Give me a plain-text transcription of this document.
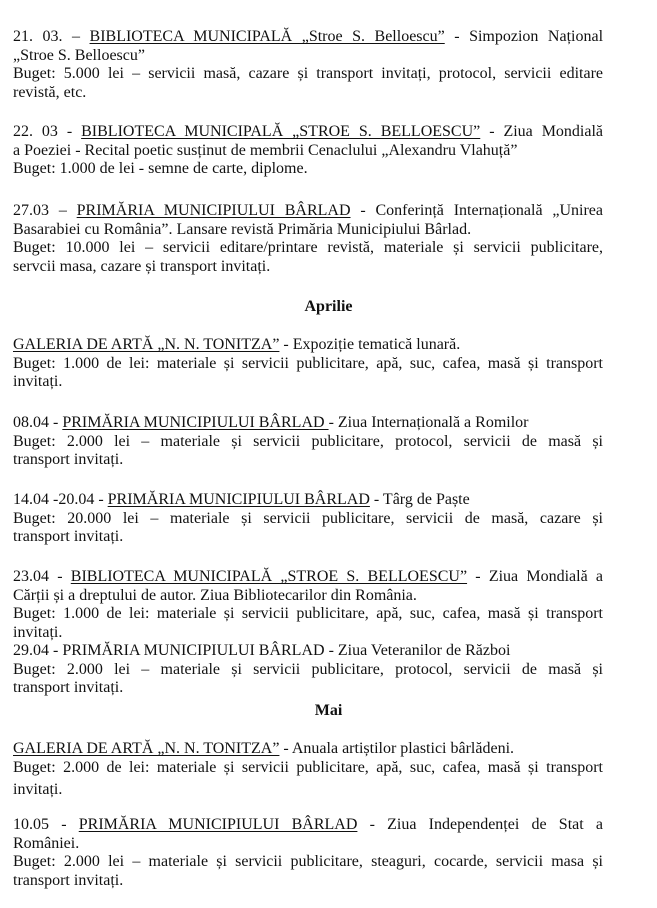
21. 03. – BIBLIOTECA MUNICIPALĂ „Stroe S. Belloescu” - Simpozion Național
„Stroe S. Belloescu”
Buget: 5.000 lei – servicii masă, cazare și transport invitați, protocol, servicii editare
revistă, etc.
22. 03 - BIBLIOTECA MUNICIPALĂ „STROE S. BELLOESCU” - Ziua Mondială
a Poeziei - Recital poetic susținut de membrii Cenaclului „Alexandru Vlahuță”
Buget: 1.000 de lei - semne de carte, diplome.
27.03 – PRIMĂRIA MUNICIPIULUI BÂRLAD - Conferință Internațională „Unirea
Basarabiei cu România”. Lansare revistă Primăria Municipiului Bârlad.
Buget: 10.000 lei – servicii editare/printare revistă, materiale și servicii publicitare,
servcii masa, cazare și transport invitați.
Aprilie
GALERIA DE ARTĂ „N. N. TONITZA” - Expoziție tematică lunară.
Buget: 1.000 de lei: materiale și servicii publicitare, apă, suc, cafea, masă și transport
invitați.
08.04 - PRIMĂRIA MUNICIPIULUI BÂRLAD - Ziua Internațională a Romilor
Buget: 2.000 lei – materiale și servicii publicitare, protocol, servicii de masă și
transport invitați.
14.04 -20.04 - PRIMĂRIA MUNICIPIULUI BÂRLAD - Târg de Paște
Buget: 20.000 lei – materiale și servicii publicitare, servicii de masă, cazare și
transport invitați.
23.04 - BIBLIOTECA MUNICIPALĂ „STROE S. BELLOESCU” - Ziua Mondială a
Cărții și a dreptului de autor. Ziua Bibliotecarilor din România.
Buget: 1.000 de lei: materiale și servicii publicitare, apă, suc, cafea, masă și transport
invitați.
29.04 - PRIMĂRIA MUNICIPIULUI BÂRLAD - Ziua Veteranilor de Război
Buget: 2.000 lei – materiale și servicii publicitare, protocol, servicii de masă și
transport invitați.
Mai
GALERIA DE ARTĂ „N. N. TONITZA” - Anuala artiștilor plastici bârlădeni.
Buget: 2.000 de lei: materiale și servicii publicitare, apă, suc, cafea, masă și transport
invitați.
10.05 - PRIMĂRIA MUNICIPIULUI BÂRLAD - Ziua Independenței de Stat a
României.
Buget: 2.000 lei – materiale și servicii publicitare, steaguri, cocarde, servicii masa și
transport invitați.
